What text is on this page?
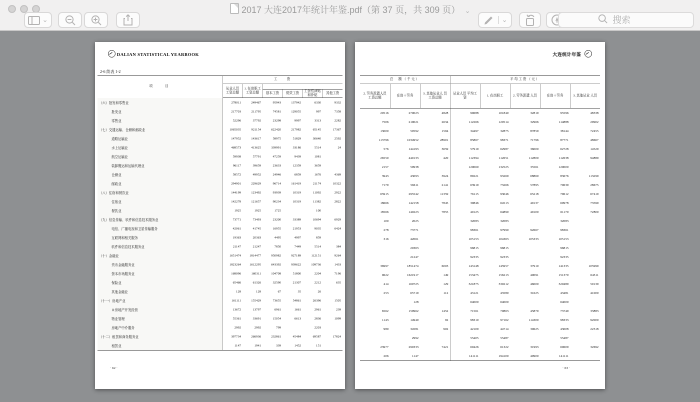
2017 大连2017年统计年鉴.pdf（第 37 页，共 309 页） ⌄
⌄	⌄
搜索
DALIAN STATISTICAL YEARBOOK
2-6 续表 1-2
项　　目	工　　资					
	从业人员 工资总额	1. 在岗职工 工资总额				
			基本工资	绩效工资	工资性津贴和补贴	其他工资
（六）批发和零售业	278011	249467	95943	137942	6330	9332
批发业	217703	211795	74581	129055	997	7358
零售业	52296	37792	23298	9997	3313	2282
（七）交通运输、仓储和邮政业	1065035	921154	622420	217982	65145	17367
道路运输业	147952	143617	58975	51829	30640	2592
水上运输业	468573	413625	339991	33186	5514	24
航空运输业	59938	57791	47259	9439	1081	
装卸搬运和运输代理业	96117	39659	23633	12359	3659	
仓储业	58572	49952	24946	6859	1676	4369
邮政业	294901	229629	96714	161419	21174	10322
（八）住宿和餐饮业	144199	123492	93939	10319	11092	2922
住宿业	142278	121657	90234	10319	11382	2822
餐饮业	1925	1925	1725		100	
（九）信息传输、软件和信息技术服务业	73771	73493	23200	33389	10694	6929
电信、广播电视和卫星传输服务	42061	41745	16955	21953	9035	6424
互联网和相关服务	19363	20363	4495	4997	859	
软件和信息技术服务业	21147	21247	7850	7449	5514	384
（十）金融业	1651474	1814477	950982	927189	112151	9264
货币金融服务业	1823264	1612295	643392	939622	109736	1433
资本市场服务业	168096	160311	104708	51800	2204	7196
保险业	65466	61326	32590	21307	2212	635
其他金融业	128	128	67	35	26	
（十一）房地产业	161111	155429	73655	54861	26396	1505
＃房地产开发经营	13672	13797	6961	1661	2961	239
物业管理	55361	33691	15054	6613	2836	1099
房地产中介服务	2992	2992	799		2203	
（十二）租赁和商务服务业	397734	266936	232861	45484	69587	17824
租赁业	1147	1941	339	1452	151	
· 62 ·
大连统计年鉴
总　额（千元）			平均工资（元）				
2. 劳务派遣人员 工资总额	在岗＋劳务	3. 其他从业人 员工资总额	从业人员 平均工资	1. 在岗职工	2. 劳务派遣 人员	在岗＋劳务	3. 其他从业 人员
20516	270023	4828	99688	101840	32819	95596	48338
7506	219021	2634	112266	120514	32966	114888	29902
13000	50592	1594	34497	32875	87859	38144	72455
113796	1034952	28901	85867	98371	71796	87771	48667
576	144193	3659	57919	62987	36000	62728	14529
26550	440133	420	112394	112651	112800	112638	94889
2157	59938		120060	132525	35561	120000	
3943	43093	3924	89221	93269	68860	83676	113299
7179	56611	2141	63919	73266	57895	70639	28675
65915	295542	11359	76115	93046	65218	79612	67419
18666	142158	7845	39846	64513	49137	60978	73599
18566	140223	7855	40125	64890	49100	61170	72800
100	2025		32083	32083		32083	
278	73771		98361	97990	92667	98361	
316	42061		105153	104363	105333	105153	
	20363		96815	96815		96815	
	21247		92335	92335		92335	
36997	1851474	6003	143148	145957	37910	141335	105999
9622	1621917	149	153475	156213	40091	151370	64311
414	160725	129	321875	330212	46000	320489	50139
253	65719	112	43121	43580	31625	43481	41000
	128		64000	64000		64000	
6562	159962	1452	71561	70863	45879	73749	33883
1143	14940	92	98310	97162	114300	98333	92000
980	34581	902	42109	44714	30625	43008	22318
	2992		55405	55487		55487	
23977	290333	7421	60426	61322	31993	60609	32692
206	1147		141111	194100	40900	141111	
· 63 ·
